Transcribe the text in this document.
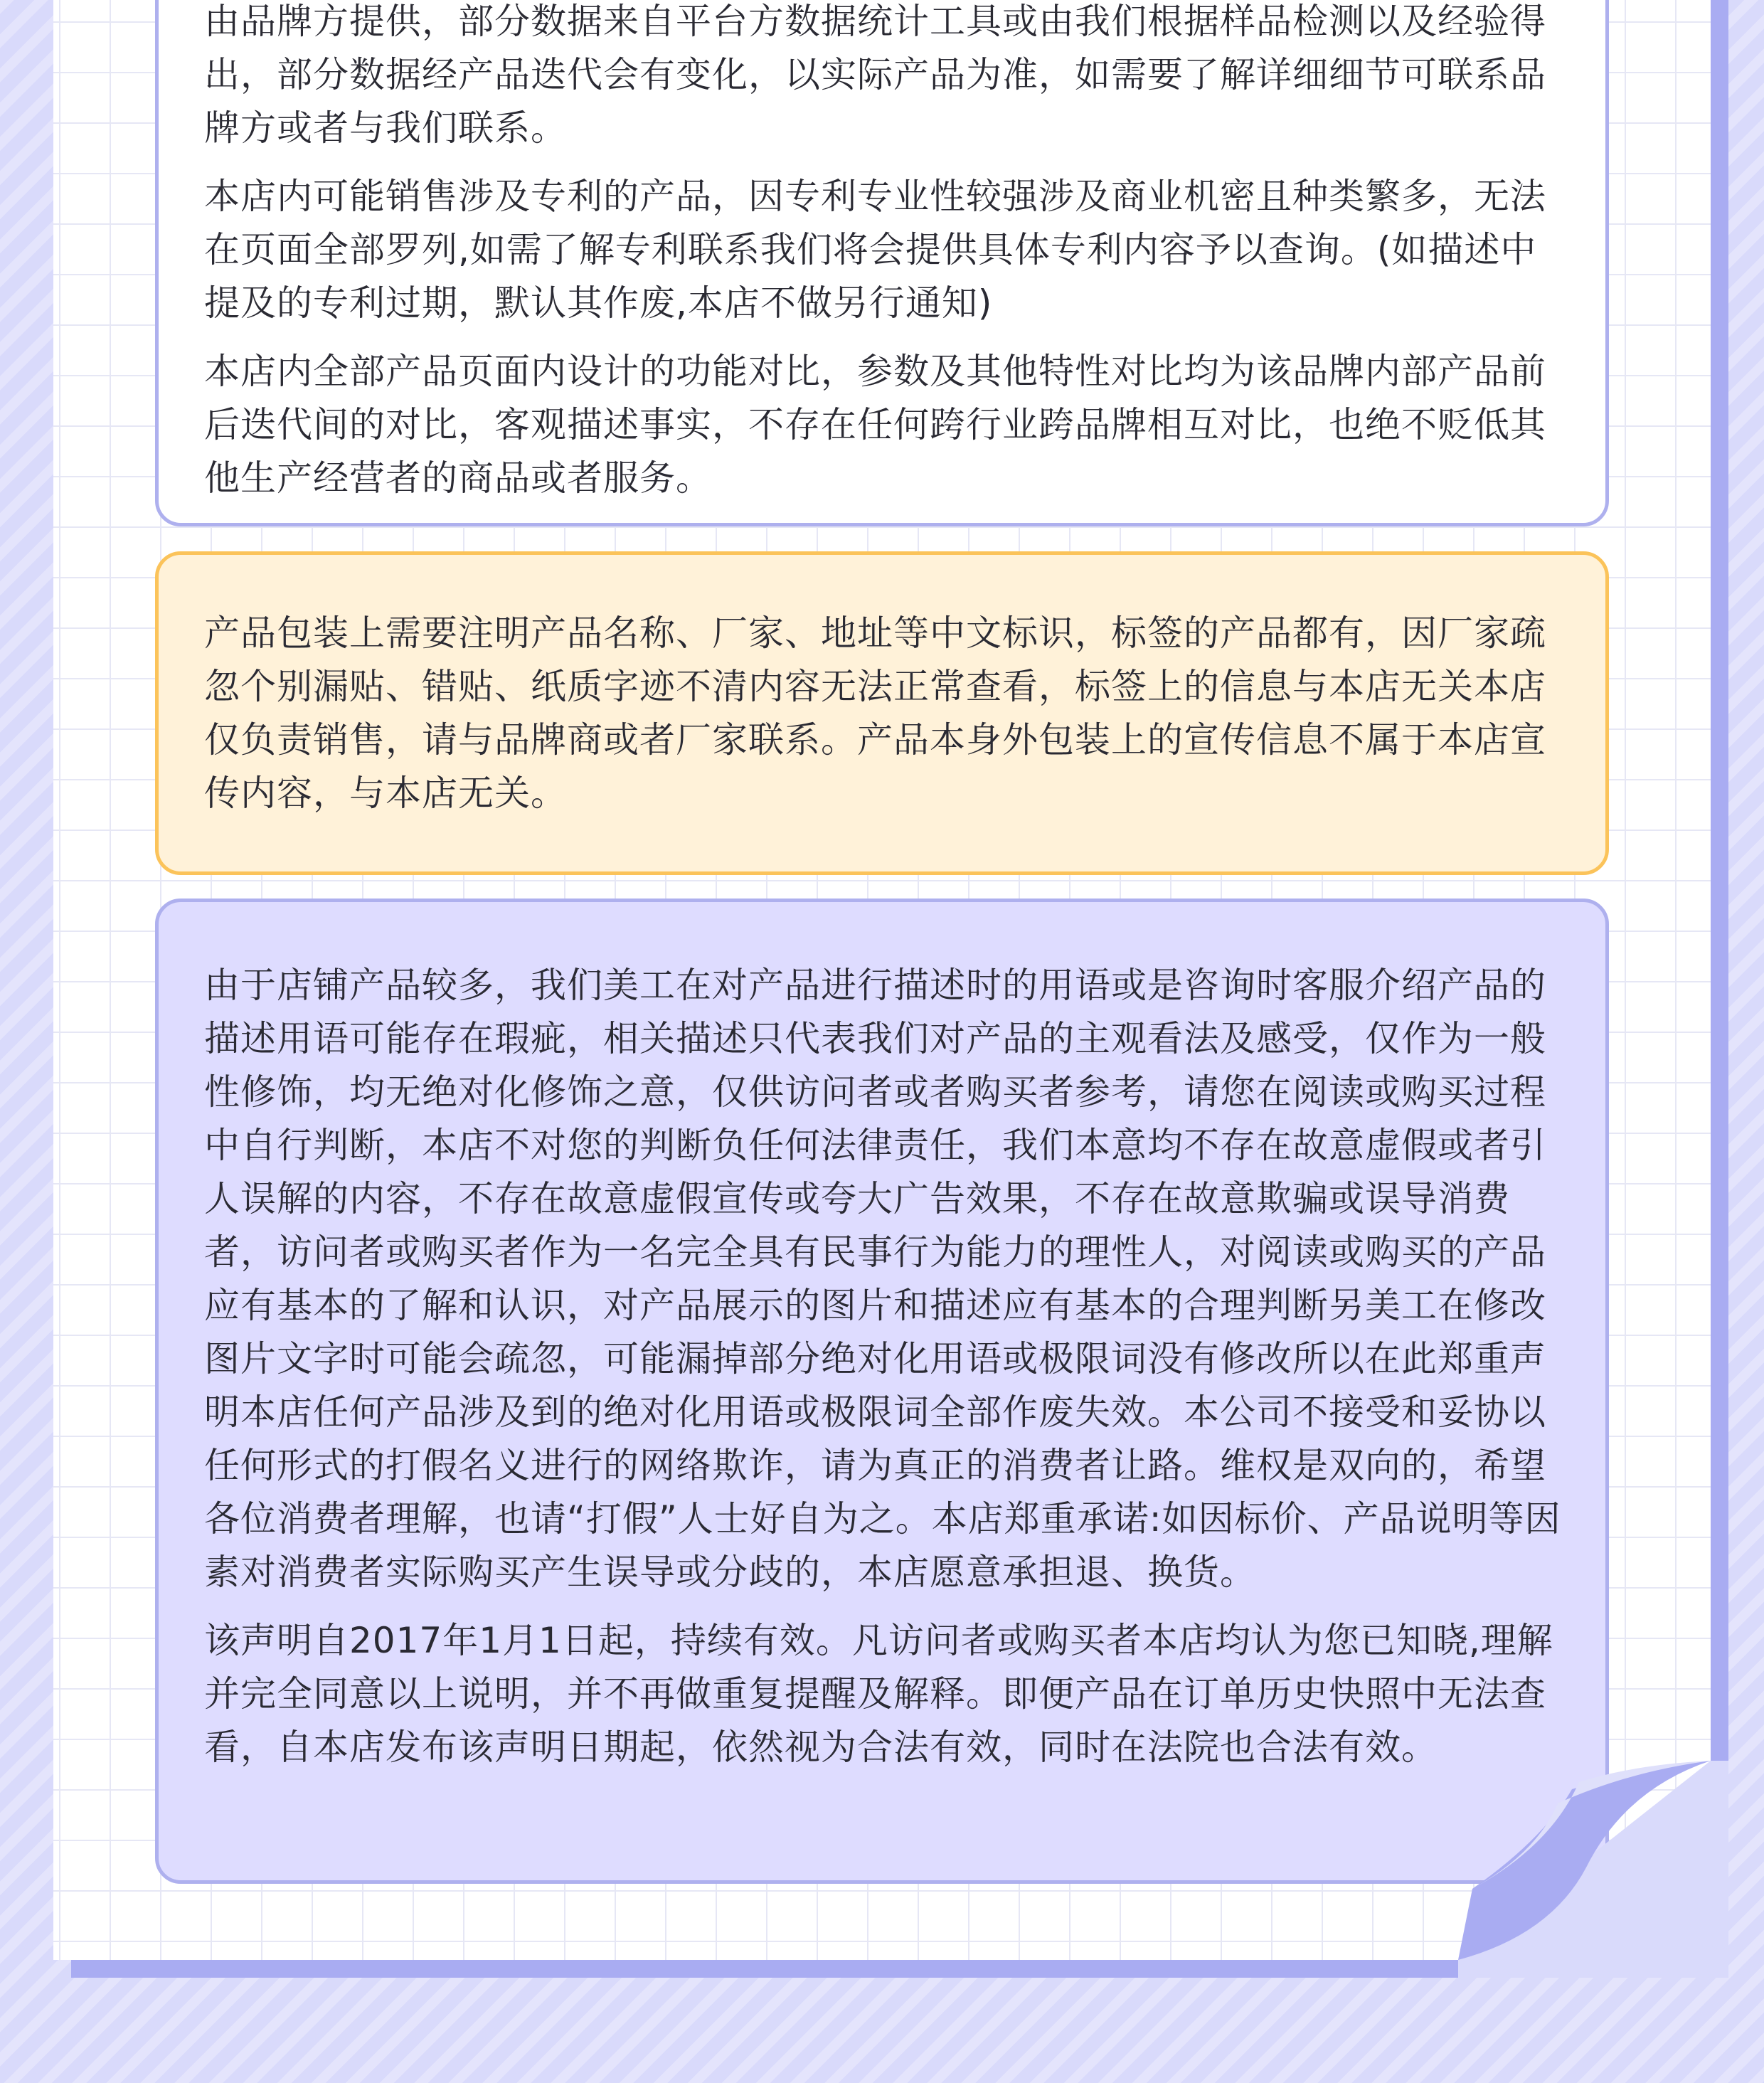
由品牌方提供，部分数据来自平台方数据统计工具或由我们根据样品检测以及经验得出，部分数据经产品迭代会有变化，以实际产品为准，如需要了解详细细节可联系品牌方或者与我们联系。

本店内可能销售涉及专利的产品，因专利专业性较强涉及商业机密且种类繁多，无法在页面全部罗列,如需了解专利联系我们将会提供具体专利内容予以查询。(如描述中提及的专利过期，默认其作废,本店不做另行通知)

本店内全部产品页面内设计的功能对比，参数及其他特性对比均为该品牌内部产品前后迭代间的对比，客观描述事实，不存在任何跨行业跨品牌相互对比，也绝不贬低其他生产经营者的商品或者服务。

产品包装上需要注明产品名称、厂家、地址等中文标识，标签的产品都有，因厂家疏忽个别漏贴、错贴、纸质字迹不清内容无法正常查看，标签上的信息与本店无关本店仅负责销售，请与品牌商或者厂家联系。产品本身外包装上的宣传信息不属于本店宣传内容，与本店无关。

由于店铺产品较多，我们美工在对产品进行描述时的用语或是咨询时客服介绍产品的描述用语可能存在瑕疵，相关描述只代表我们对产品的主观看法及感受，仅作为一般性修饰，均无绝对化修饰之意，仅供访问者或者购买者参考，请您在阅读或购买过程中自行判断，本店不对您的判断负任何法律责任，我们本意均不存在故意虚假或者引人误解的内容，不存在故意虚假宣传或夸大广告效果，不存在故意欺骗或误导消费者，访问者或购买者作为一名完全具有民事行为能力的理性人，对阅读或购买的产品应有基本的了解和认识，对产品展示的图片和描述应有基本的合理判断另美工在修改图片文字时可能会疏忽，可能漏掉部分绝对化用语或极限词没有修改所以在此郑重声明本店任何产品涉及到的绝对化用语或极限词全部作废失效。本公司不接受和妥协以任何形式的打假名义进行的网络欺诈，请为真正的消费者让路。维权是双向的，希望各位消费者理解，也请“打假”人士好自为之。本店郑重承诺:如因标价、产品说明等因素对消费者实际购买产生误导或分歧的，本店愿意承担退、换货。

该声明自2017年1月1日起，持续有效。凡访问者或购买者本店均认为您已知晓,理解并完全同意以上说明，并不再做重复提醒及解释。即便产品在订单历史快照中无法查看，自本店发布该声明日期起，依然视为合法有效，同时在法院也合法有效。
